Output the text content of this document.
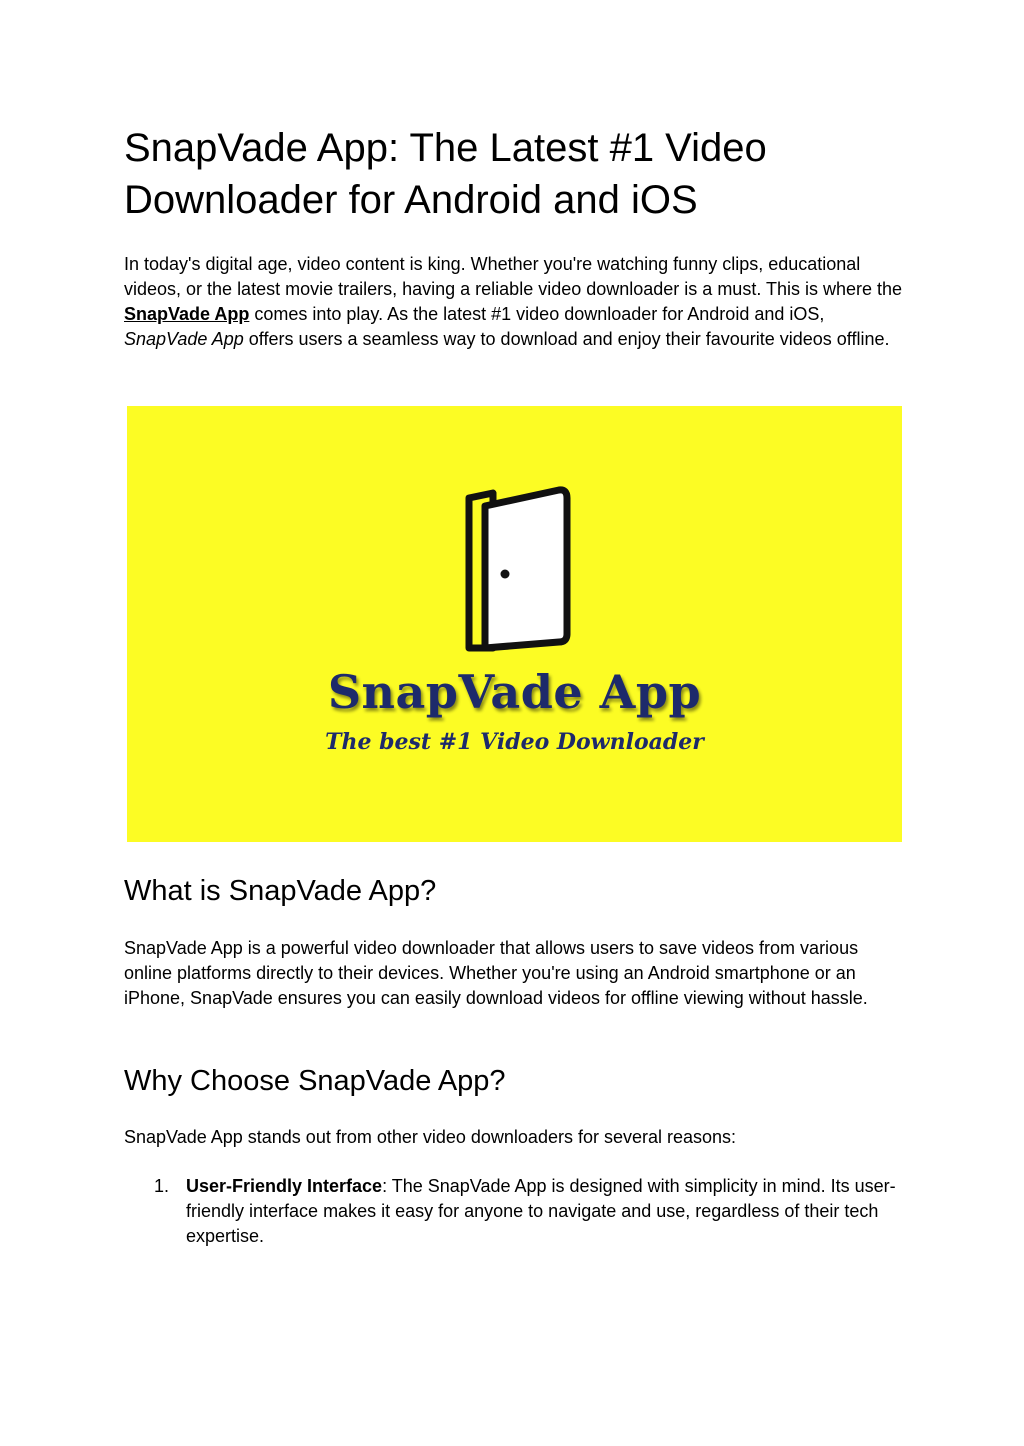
SnapVade App: The Latest #1 Video Downloader for Android and iOS

In today's digital age, video content is king. Whether you're watching funny clips, educational videos, or the latest movie trailers, having a reliable video downloader is a must. This is where the SnapVade App comes into play. As the latest #1 video downloader for Android and iOS, SnapVade App offers users a seamless way to download and enjoy their favourite videos offline.

SnapVade App
The best #1 Video Downloader
What is SnapVade App?

SnapVade App is a powerful video downloader that allows users to save videos from various online platforms directly to their devices. Whether you're using an Android smartphone or an iPhone, SnapVade ensures you can easily download videos for offline viewing without hassle.

Why Choose SnapVade App?

SnapVade App stands out from other video downloaders for several reasons:

1. User-Friendly Interface: The SnapVade App is designed with simplicity in mind. Its user-friendly interface makes it easy for anyone to navigate and use, regardless of their tech expertise.
